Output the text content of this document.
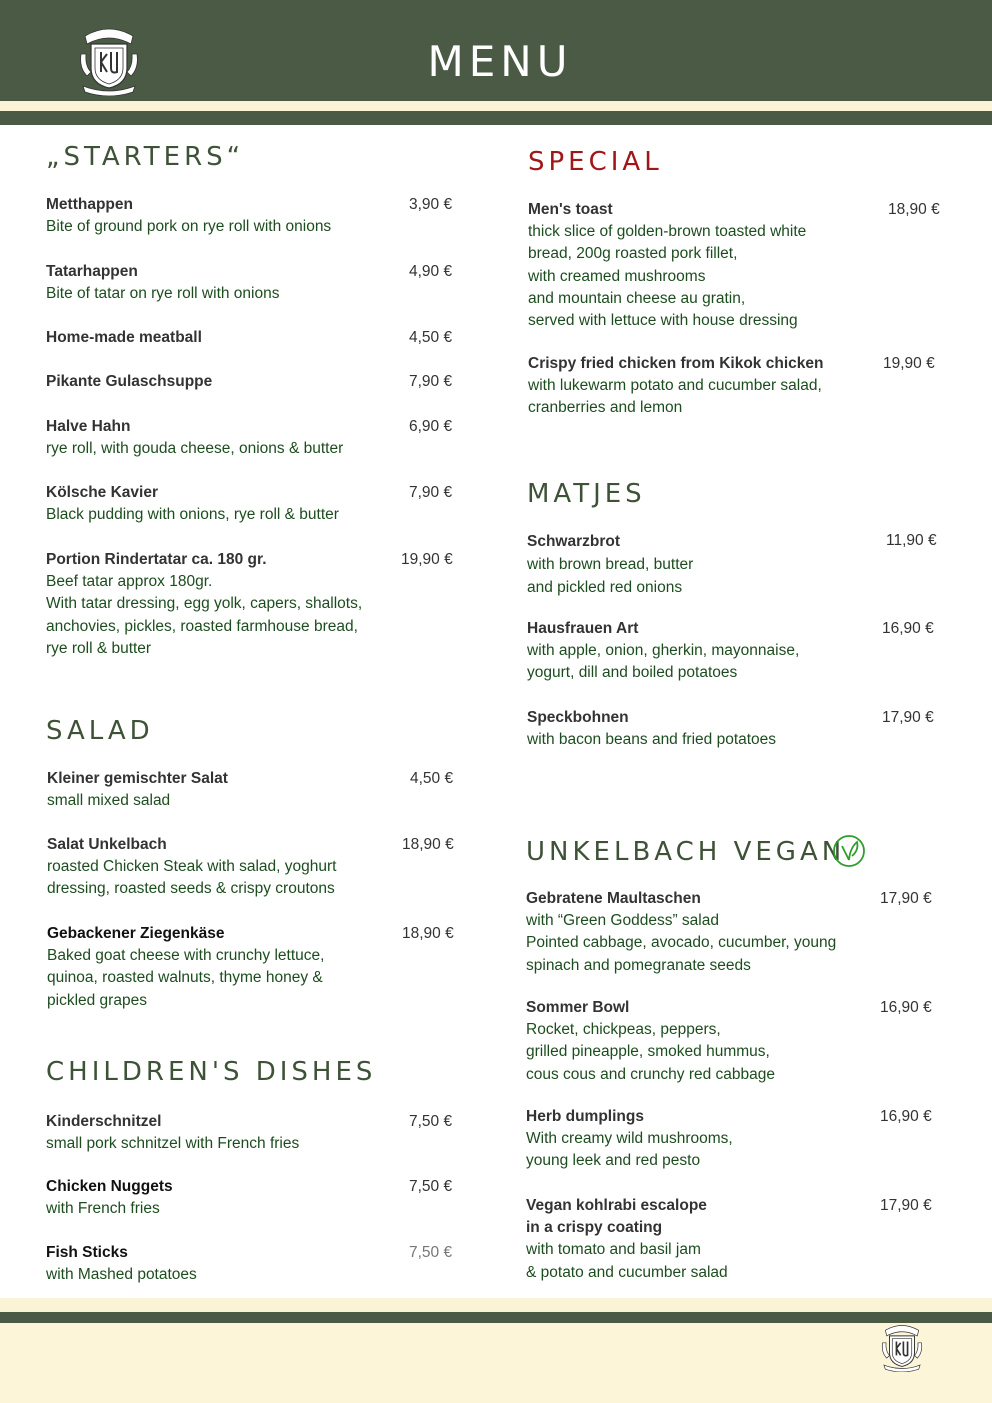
MENU
„STARTERS“
Metthappen
Bite of ground pork on rye roll with onions
3,90 €
Tatarhappen
Bite of tatar on rye roll with onions
4,90 €
Home-made meatball	4,50 €
Pikante Gulaschsuppe	7,90 €
Halve Hahn
rye roll, with gouda cheese, onions & butter
6,90 €
Kölsche Kavier
Black pudding with onions, rye roll & butter
7,90 €
Portion Rindertatar ca. 180 gr.
Beef tatar approx 180gr.
With tatar dressing, egg yolk, capers, shallots,
anchovies, pickles, roasted farmhouse bread,
rye roll & butter
19,90 €
SALAD
Kleiner gemischter Salat
small mixed salad
4,50 €
Salat Unkelbach
roasted Chicken Steak with salad, yoghurt
dressing, roasted seeds & crispy croutons
18,90 €
Gebackener Ziegenkäse
Baked goat cheese with crunchy lettuce,
quinoa, roasted walnuts, thyme honey &
pickled grapes
18,90 €
CHILDREN'S DISHES
Kinderschnitzel
small pork schnitzel with French fries
7,50 €
Chicken Nuggets
with French fries
7,50 €
Fish Sticks
with Mashed potatoes
7,50 €
SPECIAL
Men's toast
thick slice of golden-brown toasted white
bread, 200g roasted pork fillet,
with creamed mushrooms
and mountain cheese au gratin,
served with lettuce with house dressing
18,90 €
Crispy fried chicken from Kikok chicken
with lukewarm potato and cucumber salad,
cranberries and lemon
19,90 €
MATJES
Schwarzbrot
with brown bread, butter
and pickled red onions
11,90 €
Hausfrauen Art
with apple, onion, gherkin, mayonnaise,
yogurt, dill and boiled potatoes
16,90 €
Speckbohnen
with bacon beans and fried potatoes
17,90 €
UNKELBACH VEGAN
Gebratene Maultaschen
with “Green Goddess” salad
Pointed cabbage, avocado, cucumber, young
spinach and pomegranate seeds
17,90 €
Sommer Bowl
Rocket, chickpeas, peppers,
grilled pineapple, smoked hummus,
cous cous and crunchy red cabbage
16,90 €
Herb dumplings
With creamy wild mushrooms,
young leek and red pesto
16,90 €
Vegan kohlrabi escalope
in a crispy coating
with tomato and basil jam
& potato and cucumber salad
17,90 €
